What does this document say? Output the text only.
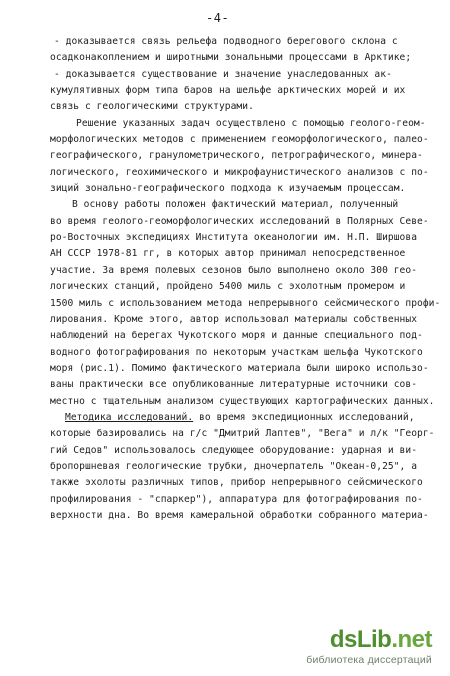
-4-
- доказывается связь рельефа подводного берегового склона с
осадконакоплением и широтными зональными процессами в Арктике;
- доказывается существование и значение унаследованных ак-
кумулятивных форм типа баров на шельфе арктических морей и их
связь с геологическими структурами.
Решение указанных задач осуществлено с помощью геолого-геом-
морфологических методов с применением геоморфологического, палео-
географического, гранулометрического, петрографического, минера-
логического, геохимического и микрофаунистического анализов с по-
зиций зонально-географического подхода к изучаемым процессам.
В основу работы положен фактический материал, полученный
во время геолого-геоморфологических исследований в Полярных Севе-
ро-Восточных экспедициях Института океанологии им. Н.П. Ширшова
АН СССР 1978-81 гг, в которых автор принимал непосредственное
участие. За время полевых сезонов было выполнено около 300 гео-
логических станций, пройдено 5400 миль с эхолотным промером и
1500 миль с использованием метода непрерывного сейсмического профи-
лирования. Кроме этого, автор использовал материалы собственных
наблюдений на берегах Чукотского моря и данные специального под-
водного фотографирования по некоторым участкам шельфа Чукотского
моря (рис.1). Помимо фактического материала были широко использо-
ваны практически все опубликованные литературные источники сов-
местно с тщательным анализом существующих картографических данных.
Методика исследований. во время экспедиционных исследований,
которые базировались на г/с "Дмитрий Лаптев", "Вега" и л/к "Георг-
гий Седов" использовалось следующее оборудование: ударная и ви-
бропоршневая геологические трубки, дночерпатель "Океан-0,25", а
также эхолоты различных типов, прибор непрерывного сейсмического
профилирования - "спаркер"), аппаратура для фотографирования по-
верхности дна. Во время камеральной обработки собранного материа-
dsLib.net
библиотека диссертаций
